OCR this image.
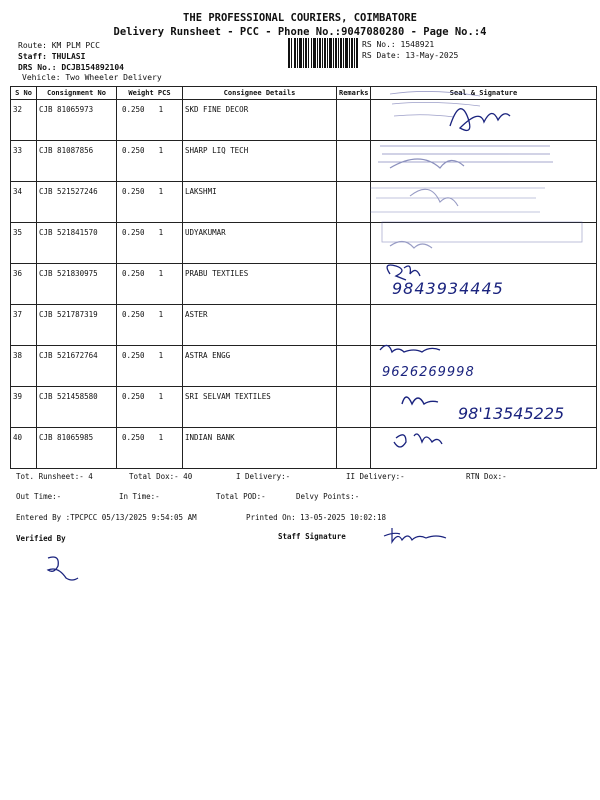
THE PROFESSIONAL COURIERS, COIMBATORE
Delivery Runsheet - PCC - Phone No.:9047080280 - Page No.:4
Route: KM PLM PCC
Staff: THULASI
DRS No.: DCJB154892104
Vehicle: Two Wheeler Delivery
RS No.: 1548921
RS Date: 13-May-2025
S No	Consignment No	Weight PCS	Consignee Details	Remarks	Seal & Signature
32	CJB 81065973	0.250 1	SKD FINE DECOR		
33	CJB 81087856	0.250 1	SHARP LIQ TECH		
34	CJB 521527246	0.250 1	LAKSHMI		
35	CJB 521841570	0.250 1	UDYAKUMAR		
36	CJB 521830975	0.250 1	PRABU TEXTILES		
37	CJB 521787319	0.250 1	ASTER		
38	CJB 521672764	0.250 1	ASTRA ENGG		
39	CJB 521458580	0.250 1	SRI SELVAM TEXTILES		
40	CJB 81065985	0.250 1	INDIAN BANK		
9843934445
9626269998
98'13545225
Tot. Runsheet:- 4	Total Dox:- 40	I Delivery:-	II Delivery:-	RTN Dox:-
Out Time:-	In Time:-	Total POD:-	Delvy Points:-
Entered By :TPCPCC 05/13/2025 9:54:05 AM	Printed On: 13-05-2025 10:02:18
Verified By	Staff Signature
